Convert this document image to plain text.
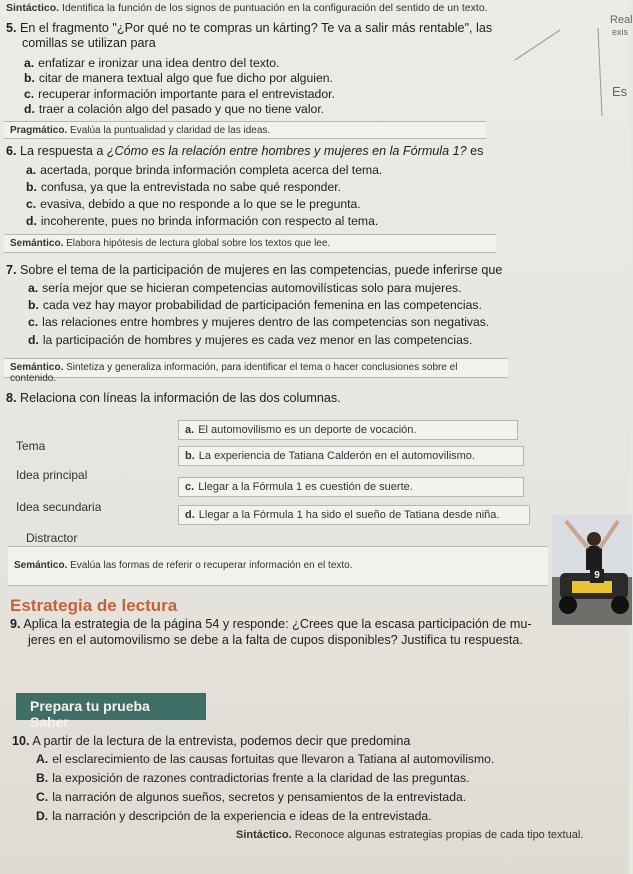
Sintáctico. Identifica la función de los signos de puntuación en la configuración del sentido de un texto.
Real
exis
Es
5. En el fragmento "¿Por qué no te compras un kárting? Te va a salir más rentable", las
comillas se utilizan para
a. enfatizar e ironizar una idea dentro del texto.
b. citar de manera textual algo que fue dicho por alguien.
c. recuperar información importante para el entrevistador.
d. traer a colación algo del pasado y que no tiene valor.
Pragmático. Evalúa la puntualidad y claridad de las ideas.
6. La respuesta a ¿Cómo es la relación entre hombres y mujeres en la Fórmula 1? es
a. acertada, porque brinda información completa acerca del tema.
b. confusa, ya que la entrevistada no sabe qué responder.
c. evasiva, debido a que no responde a lo que se le pregunta.
d. incoherente, pues no brinda información con respecto al tema.
Semántico. Elabora hipótesis de lectura global sobre los textos que lee.
7. Sobre el tema de la participación de mujeres en las competencias, puede inferirse que
a. sería mejor que se hicieran competencias automovilísticas solo para mujeres.
b. cada vez hay mayor probabilidad de participación femenina en las competencias.
c. las relaciones entre hombres y mujeres dentro de las competencias son negativas.
d. la participación de hombres y mujeres es cada vez menor en las competencias.
Semántico. Sintetiza y generaliza información, para identificar el tema o hacer conclusiones sobre el contenido.
8. Relaciona con líneas la información de las dos columnas.
Tema
Idea principal
Idea secundaria
Distractor
a. El automovilismo es un deporte de vocación.
b. La experiencia de Tatiana Calderón en el automovilismo.
c. Llegar a la Fórmula 1 es cuestión de suerte.
d. Llegar a la Fórmula 1 ha sido el sueño de Tatiana desde niña.
Semántico. Evalúa las formas de referir o recuperar información en el texto.
9
Estrategia de lectura
9. Aplica la estrategia de la página 54 y responde: ¿Crees que la escasa participación de mu-
jeres en el automovilismo se debe a la falta de cupos disponibles? Justifica tu respuesta.
Prepara tu prueba Saber
10. A partir de la lectura de la entrevista, podemos decir que predomina
A. el esclarecimiento de las causas fortuitas que llevaron a Tatiana al automovilismo.
B. la exposición de razones contradictorias frente a la claridad de las preguntas.
C. la narración de algunos sueños, secretos y pensamientos de la entrevistada.
D. la narración y descripción de la experiencia e ideas de la entrevistada.
Sintáctico. Reconoce algunas estrategias propias de cada tipo textual.
